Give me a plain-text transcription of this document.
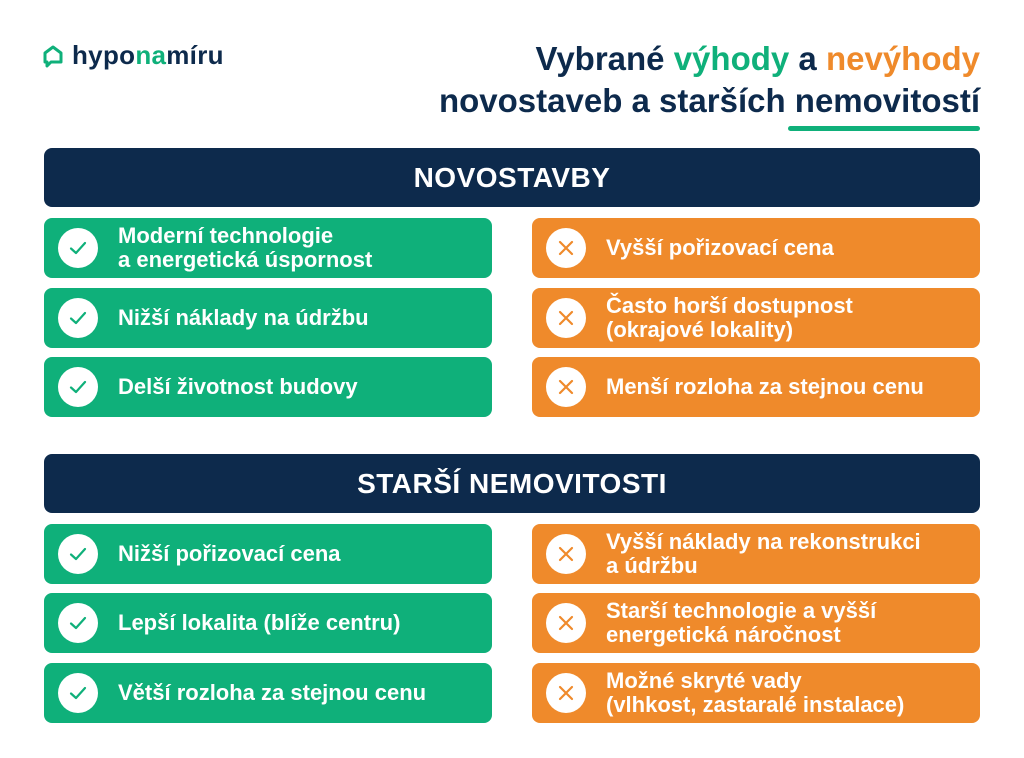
hyponamíru	Vybrané výhody a nevýhody
novostaveb a starších nemovitostí
NOVOSTAVBY
Moderní technologie
a energetická úspornost
Nižší náklady na údržbu
Delší životnost budovy
Vyšší pořizovací cena
Často horší dostupnost
(okrajové lokality)
Menší rozloha za stejnou cenu
STARŠÍ NEMOVITOSTI
Nižší pořizovací cena
Lepší lokalita (blíže centru)
Větší rozloha za stejnou cenu
Vyšší náklady na rekonstrukci
a údržbu
Starší technologie a vyšší
energetická náročnost
Možné skryté vady
(vlhkost, zastaralé instalace)
